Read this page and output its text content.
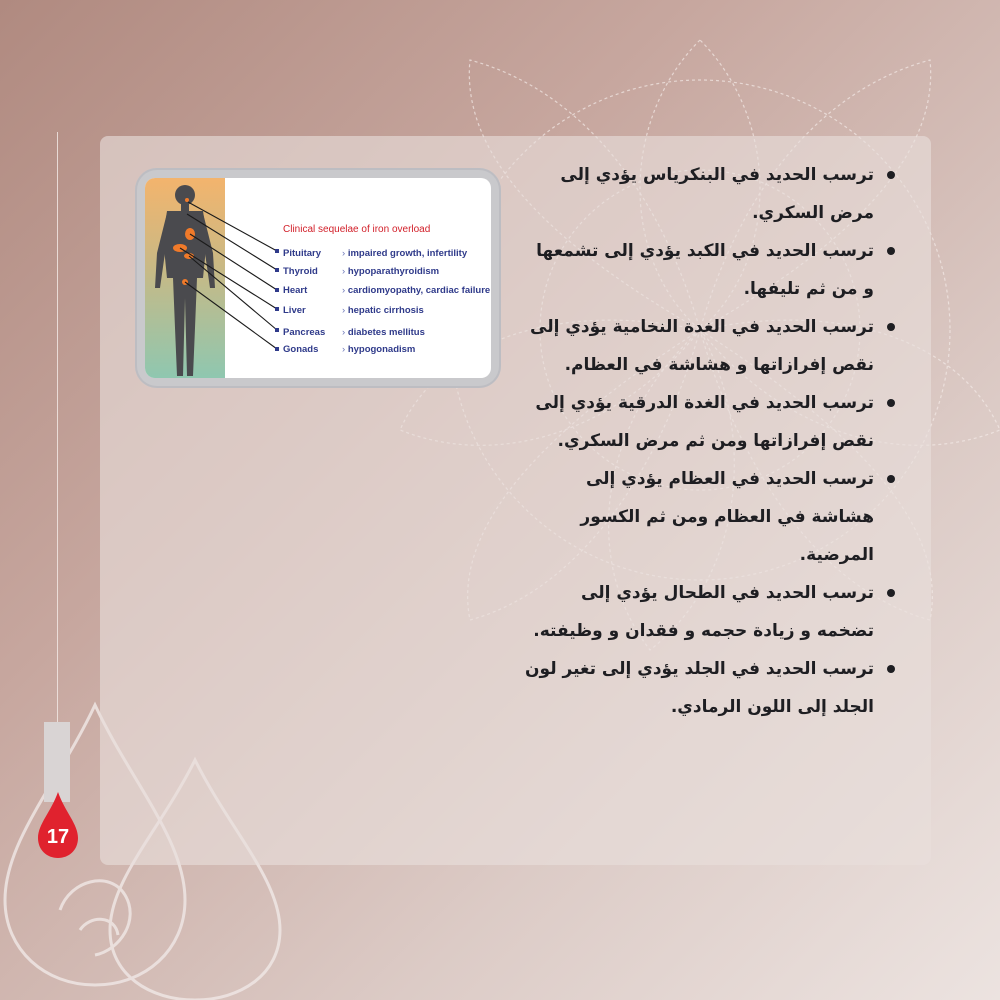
Clinical sequelae of iron overload
Pituitary	› impaired growth, infertility
Thyroid	› hypoparathyroidism
Heart	› cardiomyopathy, cardiac failure
Liver	› hepatic cirrhosis
Pancreas	› diabetes mellitus
Gonads	› hypogonadism
ترسب الحديد في البنكرياس يؤدي إلى مرض السكري.
ترسب الحديد في الكبد يؤدي إلى تشمعها و من ثم تليفها.
ترسب الحديد في الغدة النخامية يؤدي إلى نقص إفرازاتها و هشاشة في العظام.
ترسب الحديد في الغدة الدرقية يؤدي إلى نقص إفرازاتها ومن ثم مرض السكري.
ترسب الحديد في العظام يؤدي إلى هشاشة في العظام ومن ثم الكسور المرضية.
ترسب الحديد في الطحال يؤدي إلى تضخمه و زيادة حجمه و فقدان و وظيفته.
ترسب الحديد في الجلد يؤدي إلى تغير لون الجلد إلى اللون الرمادي.
17
